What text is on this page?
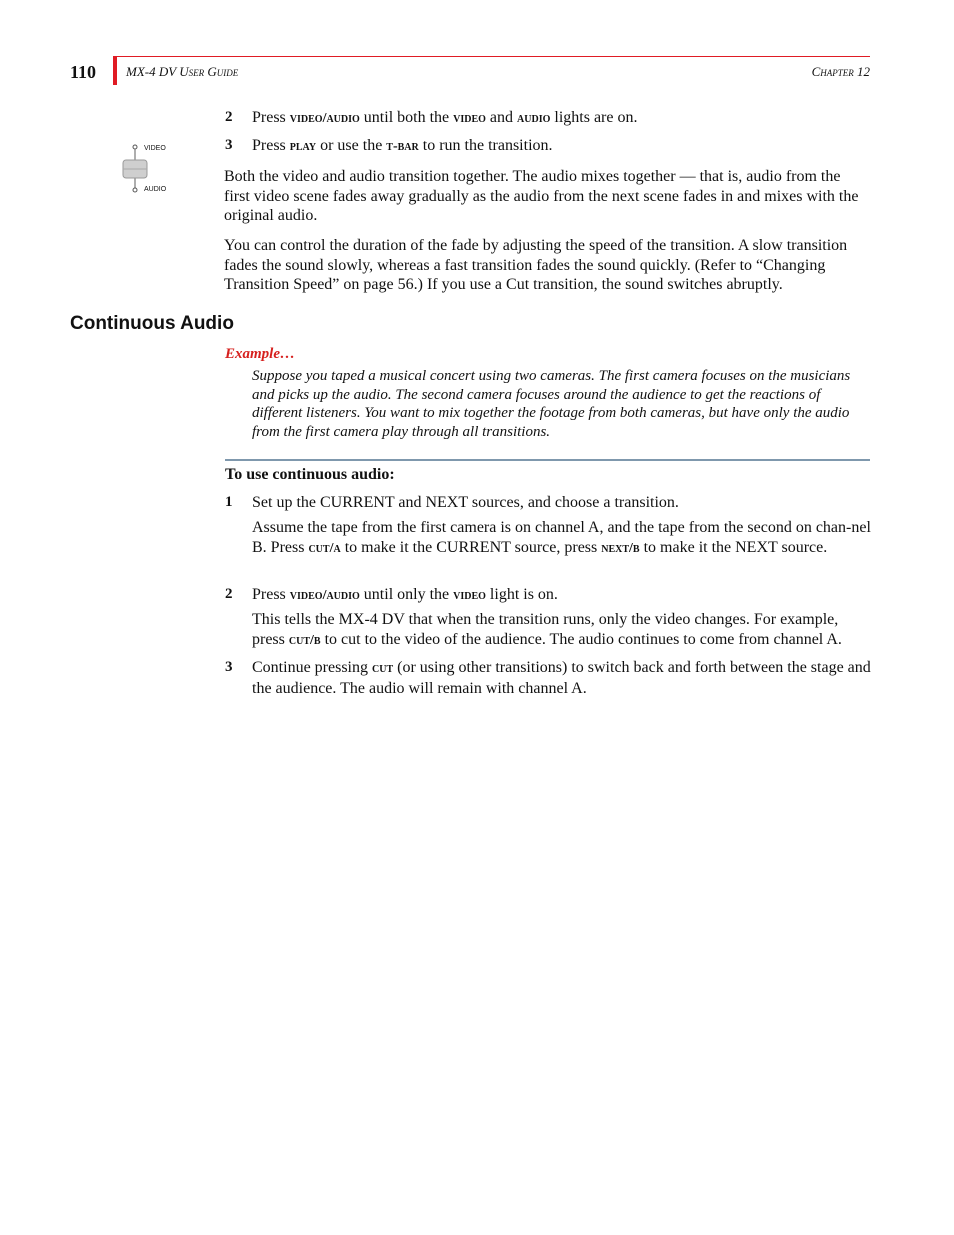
110 MX-4 DV User Guide	Chapter 12
VIDEO
AUDIO
2 Press video/audio until both the video and audio lights are on.
3 Press play or use the t-bar to run the transition.
Both the video and audio transition together. The audio mixes together — that is, audio from the first video scene fades away gradually as the audio from the next scene fades in and mixes with the original audio.
You can control the duration of the fade by adjusting the speed of the transition. A slow transition fades the sound slowly, whereas a fast transition fades the sound quickly. (Refer to “Changing Transition Speed” on page 56.) If you use a Cut transition, the sound switches abruptly.
Continuous Audio
Example…
Suppose you taped a musical concert using two cameras. The first camera focuses on the musicians and picks up the audio. The second camera focuses around the audience to get the reactions of different listeners. You want to mix together the footage from both cameras, but have only the audio from the first camera play through all transitions.
To use continuous audio:
1 Set up the CURRENT and NEXT sources, and choose a transition.
Assume the tape from the first camera is on channel A, and the tape from the second on chan-nel B. Press cut/a to make it the CURRENT source, press next/b to make it the NEXT source.
2 Press video/audio until only the video light is on.
This tells the MX-4 DV that when the transition runs, only the video changes. For example, press cut/b to cut to the video of the audience. The audio continues to come from channel A.
3 Continue pressing cut (or using other transitions) to switch back and forth between the stage and the audience. The audio will remain with channel A.
